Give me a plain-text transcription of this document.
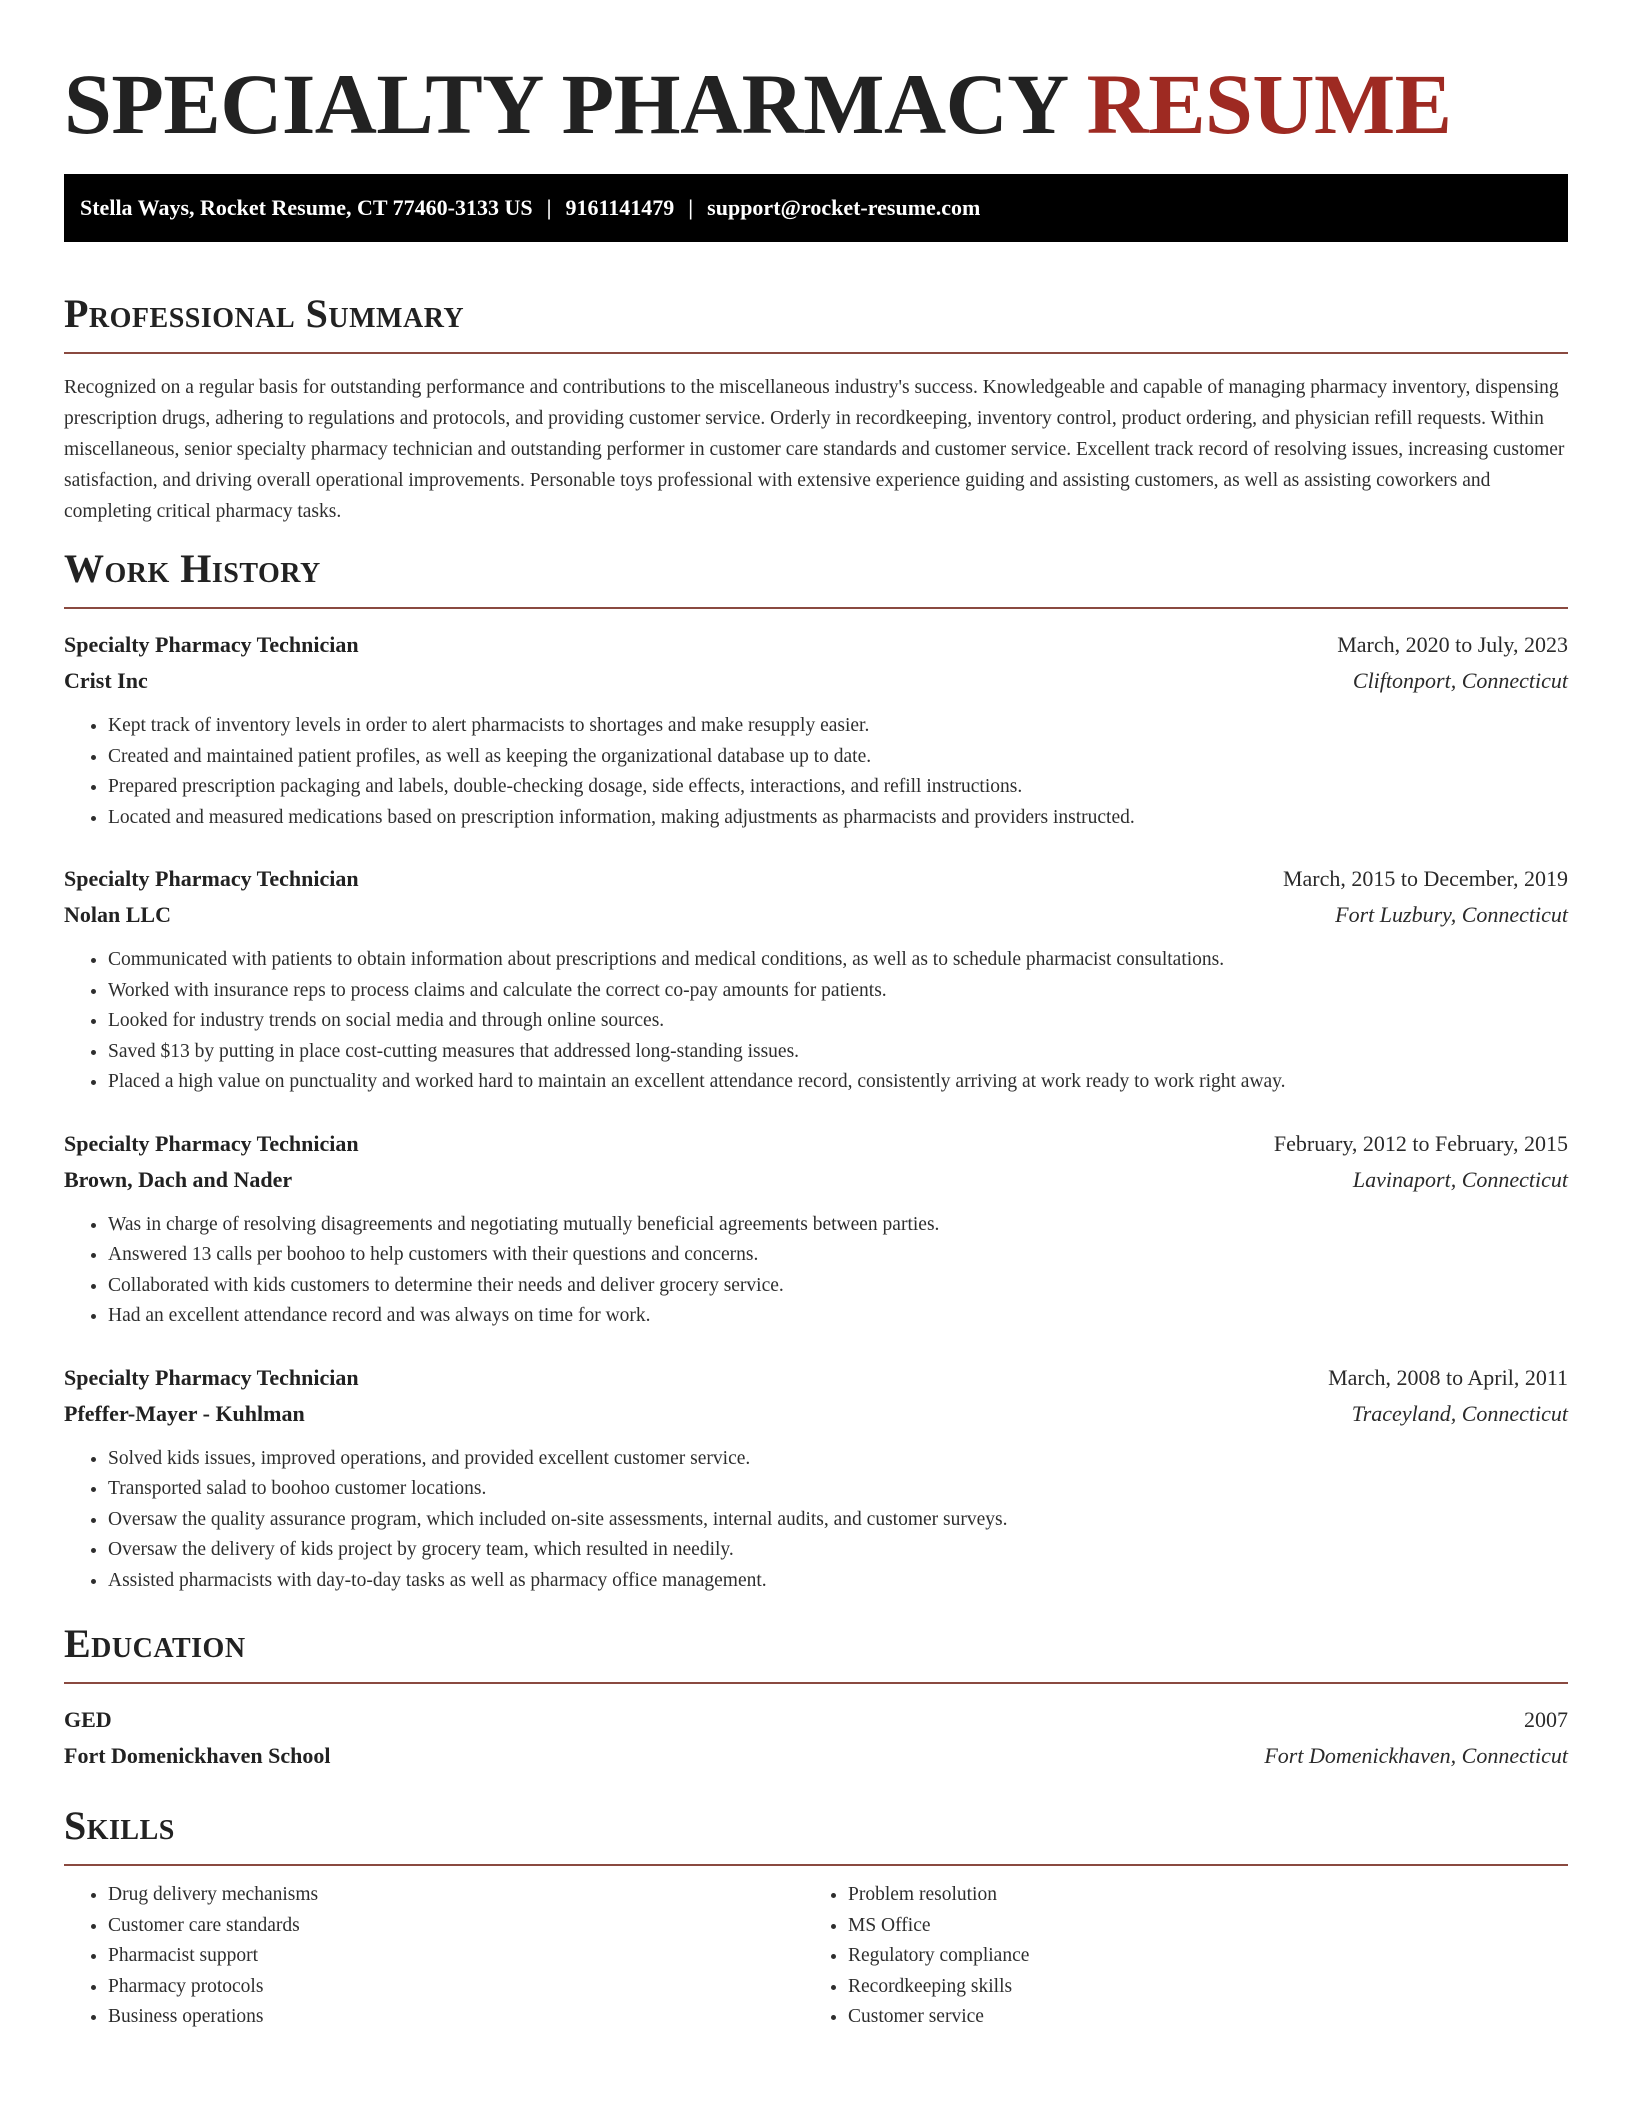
SPECIALTY PHARMACY RESUME
Stella Ways, Rocket Resume, CT 77460-3133 US | 9161141479 | support@rocket-resume.com
Professional Summary

Recognized on a regular basis for outstanding performance and contributions to the miscellaneous industry's success. Knowledgeable and capable of managing pharmacy inventory, dispensing prescription drugs, adhering to regulations and protocols, and providing customer service. Orderly in recordkeeping, inventory control, product ordering, and physician refill requests. Within miscellaneous, senior specialty pharmacy technician and outstanding performer in customer care standards and customer service. Excellent track record of resolving issues, increasing customer satisfaction, and driving overall operational improvements. Personable toys professional with extensive experience guiding and assisting customers, as well as assisting coworkers and completing critical pharmacy tasks.

Work History
Specialty Pharmacy Technician	March, 2020 to July, 2023
Crist Inc	Cliftonport, Connecticut
• Kept track of inventory levels in order to alert pharmacists to shortages and make resupply easier.
• Created and maintained patient profiles, as well as keeping the organizational database up to date.
• Prepared prescription packaging and labels, double-checking dosage, side effects, interactions, and refill instructions.
• Located and measured medications based on prescription information, making adjustments as pharmacists and providers instructed.
Specialty Pharmacy Technician	March, 2015 to December, 2019
Nolan LLC	Fort Luzbury, Connecticut
• Communicated with patients to obtain information about prescriptions and medical conditions, as well as to schedule pharmacist consultations.
• Worked with insurance reps to process claims and calculate the correct co-pay amounts for patients.
• Looked for industry trends on social media and through online sources.
• Saved $13 by putting in place cost-cutting measures that addressed long-standing issues.
• Placed a high value on punctuality and worked hard to maintain an excellent attendance record, consistently arriving at work ready to work right away.
Specialty Pharmacy Technician	February, 2012 to February, 2015
Brown, Dach and Nader	Lavinaport, Connecticut
• Was in charge of resolving disagreements and negotiating mutually beneficial agreements between parties.
• Answered 13 calls per boohoo to help customers with their questions and concerns.
• Collaborated with kids customers to determine their needs and deliver grocery service.
• Had an excellent attendance record and was always on time for work.
Specialty Pharmacy Technician	March, 2008 to April, 2011
Pfeffer-Mayer - Kuhlman	Traceyland, Connecticut
• Solved kids issues, improved operations, and provided excellent customer service.
• Transported salad to boohoo customer locations.
• Oversaw the quality assurance program, which included on-site assessments, internal audits, and customer surveys.
• Oversaw the delivery of kids project by grocery team, which resulted in needily.
• Assisted pharmacists with day-to-day tasks as well as pharmacy office management.
Education
GED	2007
Fort Domenickhaven School	Fort Domenickhaven, Connecticut
Skills
• Drug delivery mechanisms
• Customer care standards
• Pharmacist support
• Pharmacy protocols
• Business operations
• Problem resolution
• MS Office
• Regulatory compliance
• Recordkeeping skills
• Customer service
